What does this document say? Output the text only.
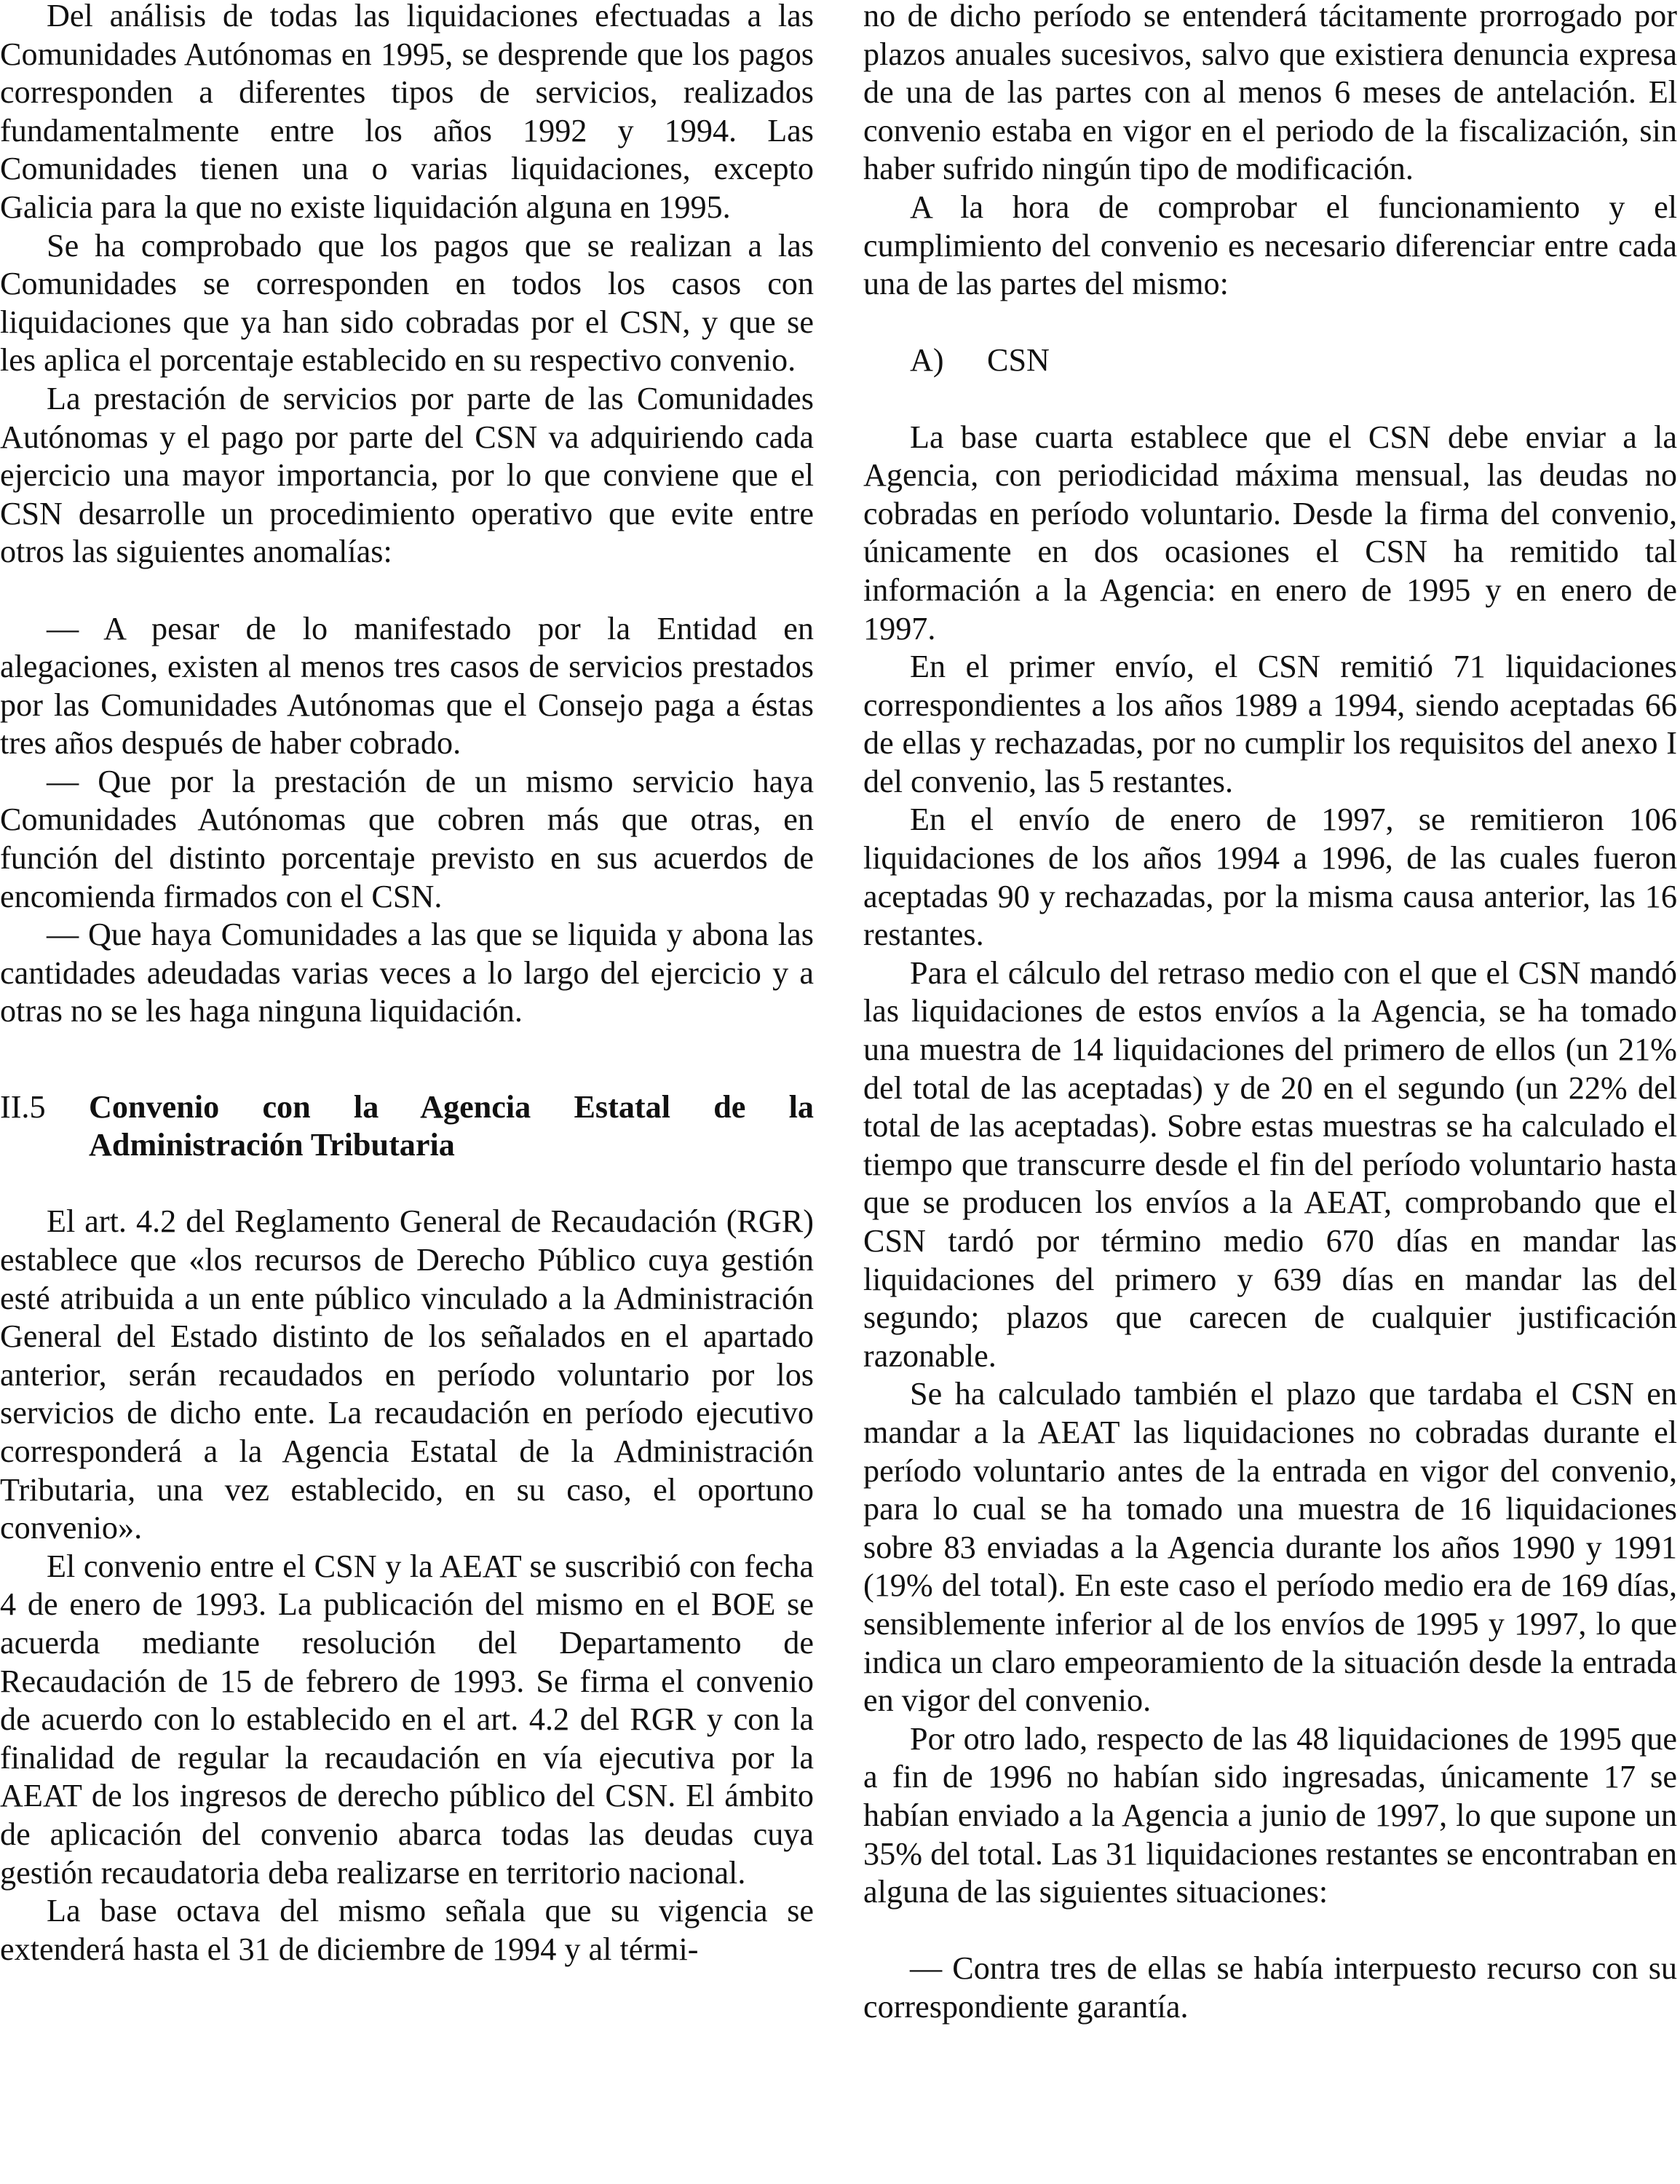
Del análisis de todas las liquidaciones efectuadas a las Comunidades Autónomas en 1995, se desprende que los pagos corresponden a diferentes tipos de servicios, realizados fundamentalmente entre los años 1992 y 1994. Las Comunidades tienen una o varias liquidaciones, excepto Galicia para la que no existe liquidación alguna en 1995.

Se ha comprobado que los pagos que se realizan a las Comunidades se corresponden en todos los casos con liquidaciones que ya han sido cobradas por el CSN, y que se les aplica el porcentaje establecido en su respectivo convenio.

La prestación de servicios por parte de las Comunidades Autónomas y el pago por parte del CSN va adquiriendo cada ejercicio una mayor importancia, por lo que conviene que el CSN desarrolle un procedimiento operativo que evite entre otros las siguientes anomalías:

— A pesar de lo manifestado por la Entidad en alegaciones, existen al menos tres casos de servicios prestados por las Comunidades Autónomas que el Consejo paga a éstas tres años después de haber cobrado.

— Que por la prestación de un mismo servicio haya Comunidades Autónomas que cobren más que otras, en función del distinto porcentaje previsto en sus acuerdos de encomienda firmados con el CSN.

— Que haya Comunidades a las que se liquida y abona las cantidades adeudadas varias veces a lo largo del ejercicio y a otras no se les haga ninguna liquidación.

II.5	Convenio con la Agencia Estatal de la Administración Tributaria

El art. 4.2 del Reglamento General de Recaudación (RGR) establece que «los recursos de Derecho Público cuya gestión esté atribuida a un ente público vinculado a la Administración General del Estado distinto de los señalados en el apartado anterior, serán recaudados en período voluntario por los servicios de dicho ente. La recaudación en período ejecutivo corresponderá a la Agencia Estatal de la Administración Tributaria, una vez establecido, en su caso, el oportuno convenio».

El convenio entre el CSN y la AEAT se suscribió con fecha 4 de enero de 1993. La publicación del mismo en el BOE se acuerda mediante resolución del Departamento de Recaudación de 15 de febrero de 1993. Se firma el convenio de acuerdo con lo establecido en el art. 4.2 del RGR y con la finalidad de regular la recaudación en vía ejecutiva por la AEAT de los ingresos de derecho público del CSN. El ámbito de aplicación del convenio abarca todas las deudas cuya gestión recaudatoria deba realizarse en territorio nacional.

La base octava del mismo señala que su vigencia se extenderá hasta el 31 de diciembre de 1994 y al térmi-

no de dicho período se entenderá tácitamente prorrogado por plazos anuales sucesivos, salvo que existiera denuncia expresa de una de las partes con al menos 6 meses de antelación. El convenio estaba en vigor en el periodo de la fiscalización, sin haber sufrido ningún tipo de modificación.

A la hora de comprobar el funcionamiento y el cumplimiento del convenio es necesario diferenciar entre cada una de las partes del mismo:

A)	CSN

La base cuarta establece que el CSN debe enviar a la Agencia, con periodicidad máxima mensual, las deudas no cobradas en período voluntario. Desde la firma del convenio, únicamente en dos ocasiones el CSN ha remitido tal información a la Agencia: en enero de 1995 y en enero de 1997.

En el primer envío, el CSN remitió 71 liquidaciones correspondientes a los años 1989 a 1994, siendo aceptadas 66 de ellas y rechazadas, por no cumplir los requisitos del anexo I del convenio, las 5 restantes.

En el envío de enero de 1997, se remitieron 106 liquidaciones de los años 1994 a 1996, de las cuales fueron aceptadas 90 y rechazadas, por la misma causa anterior, las 16 restantes.

Para el cálculo del retraso medio con el que el CSN mandó las liquidaciones de estos envíos a la Agencia, se ha tomado una muestra de 14 liquidaciones del primero de ellos (un 21% del total de las aceptadas) y de 20 en el segundo (un 22% del total de las aceptadas). Sobre estas muestras se ha calculado el tiempo que transcurre desde el fin del período voluntario hasta que se producen los envíos a la AEAT, comprobando que el CSN tardó por término medio 670 días en mandar las liquidaciones del primero y 639 días en mandar las del segundo; plazos que carecen de cualquier justificación razonable.

Se ha calculado también el plazo que tardaba el CSN en mandar a la AEAT las liquidaciones no cobradas durante el período voluntario antes de la entrada en vigor del convenio, para lo cual se ha tomado una muestra de 16 liquidaciones sobre 83 enviadas a la Agencia durante los años 1990 y 1991 (19% del total). En este caso el período medio era de 169 días, sensiblemente inferior al de los envíos de 1995 y 1997, lo que indica un claro empeoramiento de la situación desde la entrada en vigor del convenio.

Por otro lado, respecto de las 48 liquidaciones de 1995 que a fin de 1996 no habían sido ingresadas, únicamente 17 se habían enviado a la Agencia a junio de 1997, lo que supone un 35% del total. Las 31 liquidaciones restantes se encontraban en alguna de las siguientes situaciones:

— Contra tres de ellas se había interpuesto recurso con su correspondiente garantía.
